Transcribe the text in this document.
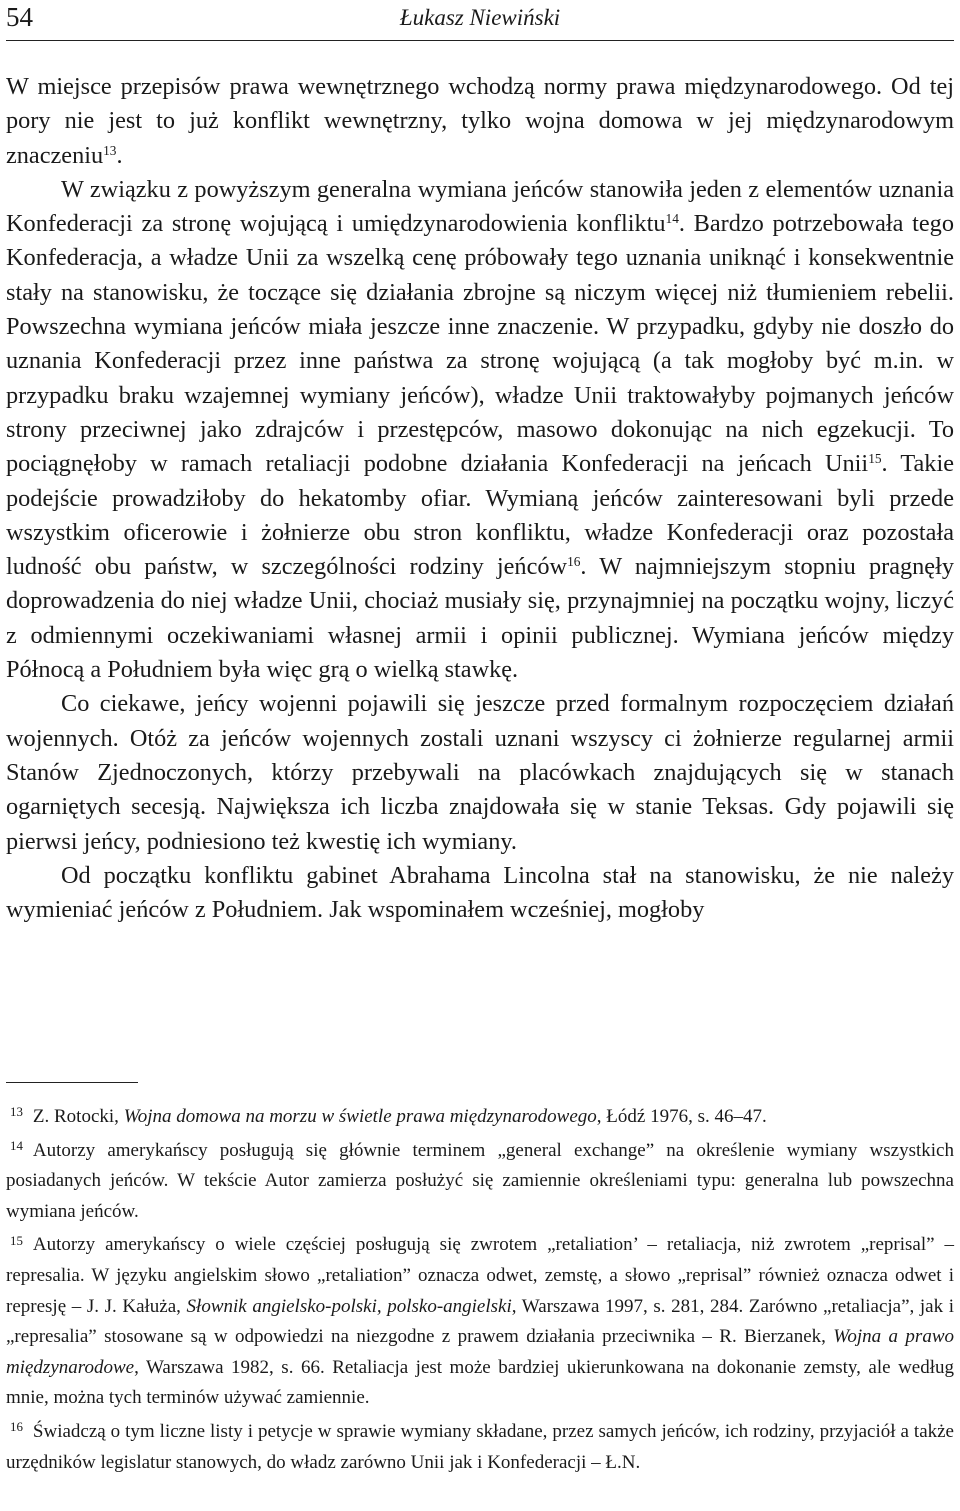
54	Łukasz Niewiński

W miejsce przepisów prawa wewnętrznego wchodzą normy prawa międzynarodowego. Od tej pory nie jest to już konflikt wewnętrzny, tylko wojna domowa w jej międzynarodowym znaczeniu$^{13}$.

W związku z powyższym generalna wymiana jeńców stanowiła jeden z elementów uznania Konfederacji za stronę wojującą i umiędzynarodowienia konfliktu$^{14}$. Bardzo potrzebowała tego Konfederacja, a władze Unii za wszelką cenę próbowały tego uznania uniknąć i konsekwentnie stały na stanowisku, że toczące się działania zbrojne są niczym więcej niż tłumieniem rebelii. Powszechna wymiana jeńców miała jeszcze inne znaczenie. W przypadku, gdyby nie doszło do uznania Konfederacji przez inne państwa za stronę wojującą (a tak mogłoby być m.in. w przypadku braku wzajemnej wymiany jeńców), władze Unii traktowałyby pojmanych jeńców strony przeciwnej jako zdrajców i przestępców, masowo dokonując na nich egzekucji. To pociągnęłoby w ramach retaliacji podobne działania Konfederacji na jeńcach Unii$^{15}$. Takie podejście prowadziłoby do hekatomby ofiar. Wymianą jeńców zainteresowani byli przede wszystkim oficerowie i żołnierze obu stron konfliktu, władze Konfederacji oraz pozostała ludność obu państw, w szczególności rodziny jeńców$^{16}$. W najmniejszym stopniu pragnęły doprowadzenia do niej władze Unii, chociaż musiały się, przynajmniej na początku wojny, liczyć z odmiennymi oczekiwaniami własnej armii i opinii publicznej. Wymiana jeńców między Północą a Południem była więc grą o wielką stawkę.

Co ciekawe, jeńcy wojenni pojawili się jeszcze przed formalnym rozpoczęciem działań wojennych. Otóż za jeńców wojennych zostali uznani wszyscy ci żołnierze regularnej armii Stanów Zjednoczonych, którzy przebywali na placówkach znajdujących się w stanach ogarniętych secesją. Największa ich liczba znajdowała się w stanie Teksas. Gdy pojawili się pierwsi jeńcy, podniesiono też kwestię ich wymiany.

Od początku konfliktu gabinet Abrahama Lincolna stał na stanowisku, że nie należy wymieniać jeńców z Południem. Jak wspominałem wcześniej, mogłoby

13 Z. Rotocki, Wojna domowa na morzu w świetle prawa międzynarodowego, Łódź 1976, s. 46–47.

14 Autorzy amerykańscy posługują się głównie terminem „general exchange” na określenie wymiany wszystkich posiadanych jeńców. W tekście Autor zamierza posłużyć się zamiennie określeniami typu: generalna lub powszechna wymiana jeńców.

15 Autorzy amerykańscy o wiele częściej posługują się zwrotem „retaliation’ – retaliacja, niż zwrotem „reprisal” – represalia. W języku angielskim słowo „retaliation” oznacza odwet, zemstę, a słowo „reprisal” również oznacza odwet i represję – J. J. Kałuża, Słownik angielsko-polski, polsko-angielski, Warszawa 1997, s. 281, 284. Zarówno „retaliacja”, jak i „represalia” stosowane są w odpowiedzi na niezgodne z prawem działania przeciwnika – R. Bierzanek, Wojna a prawo międzynarodowe, Warszawa 1982, s. 66. Retaliacja jest może bardziej ukierunkowana na dokonanie zemsty, ale według mnie, można tych terminów używać zamiennie.

16 Świadczą o tym liczne listy i petycje w sprawie wymiany składane, przez samych jeńców, ich rodziny, przyjaciół a także urzędników legislatur stanowych, do władz zarówno Unii jak i Konfederacji – Ł.N.
